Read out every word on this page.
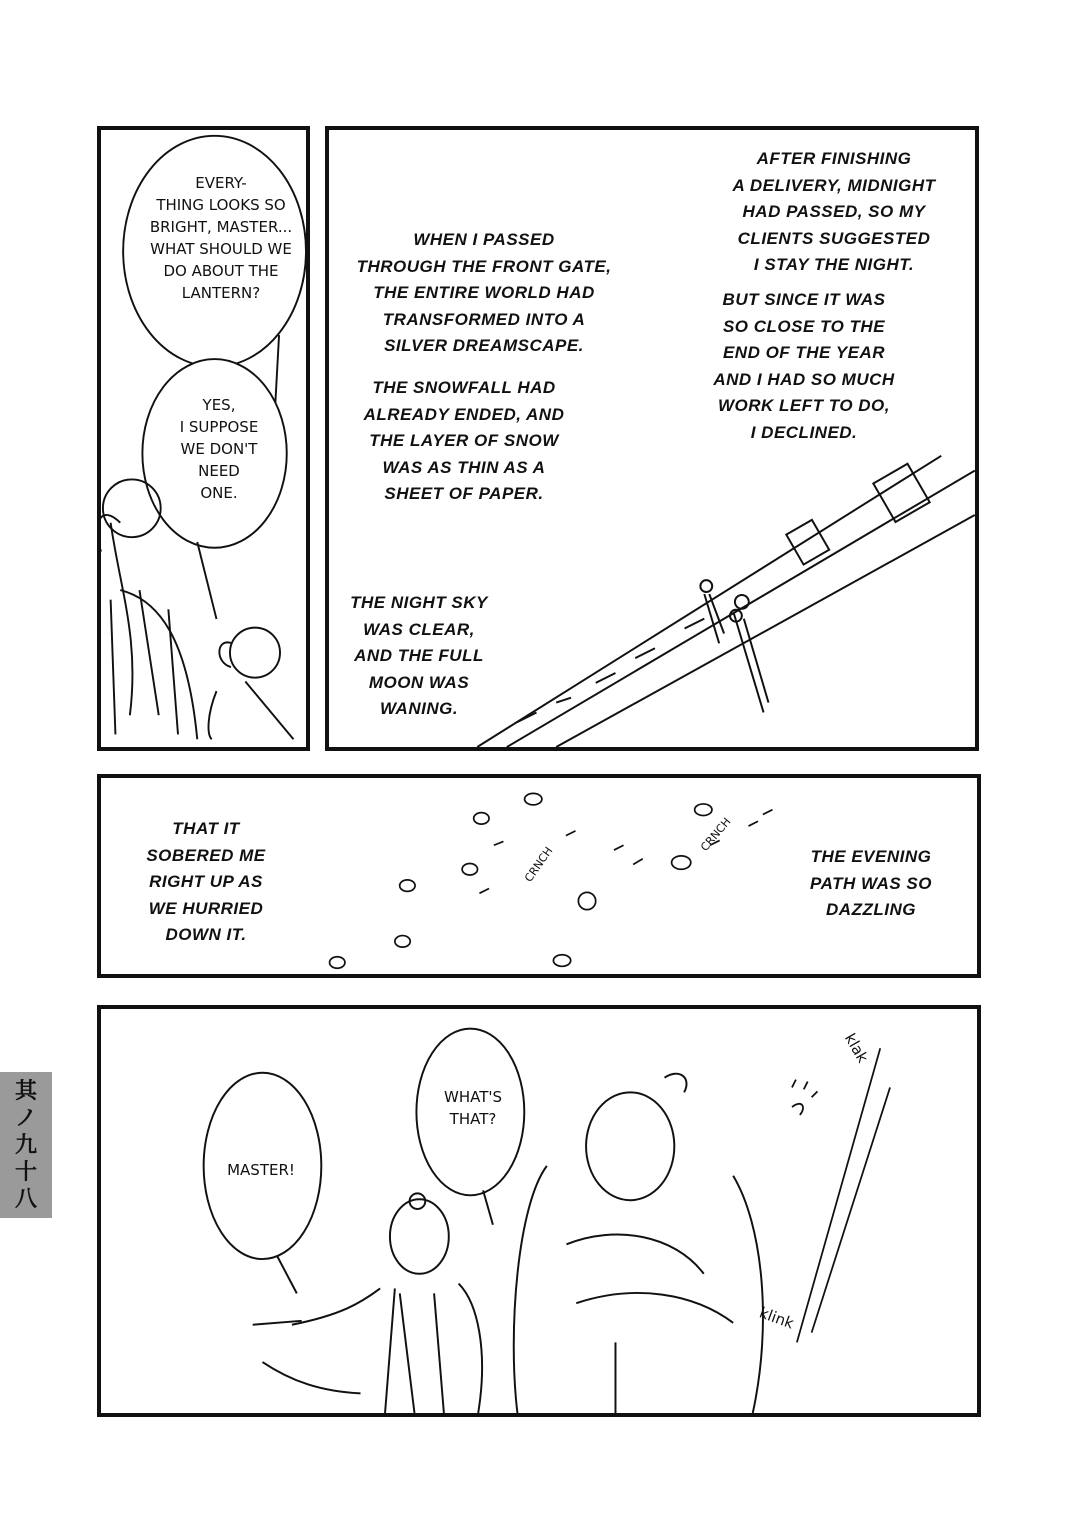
EVERY-
THING LOOKS SO
BRIGHT, MASTER...
WHAT SHOULD WE
DO ABOUT THE
LANTERN?
YES,
I SUPPOSE
WE DON'T
NEED
ONE.
AFTER FINISHING
A DELIVERY, MIDNIGHT
HAD PASSED, SO MY
CLIENTS SUGGESTED
I STAY THE NIGHT.
BUT SINCE IT WAS
SO CLOSE TO THE
END OF THE YEAR
AND I HAD SO MUCH
WORK LEFT TO DO,
I DECLINED.
WHEN I PASSED
THROUGH THE FRONT GATE,
THE ENTIRE WORLD HAD
TRANSFORMED INTO A
SILVER DREAMSCAPE.
THE SNOWFALL HAD
ALREADY ENDED, AND
THE LAYER OF SNOW
WAS AS THIN AS A
SHEET OF PAPER.
THE NIGHT SKY
WAS CLEAR,
AND THE FULL
MOON WAS
WANING.
THAT IT
SOBERED ME
RIGHT UP AS
WE HURRIED
DOWN IT.
THE EVENING
PATH WAS SO
DAZZLING
CRNCH
CRNCH
MASTER!
WHAT'S
THAT?
klak
klink
其
ノ
九
十
八
